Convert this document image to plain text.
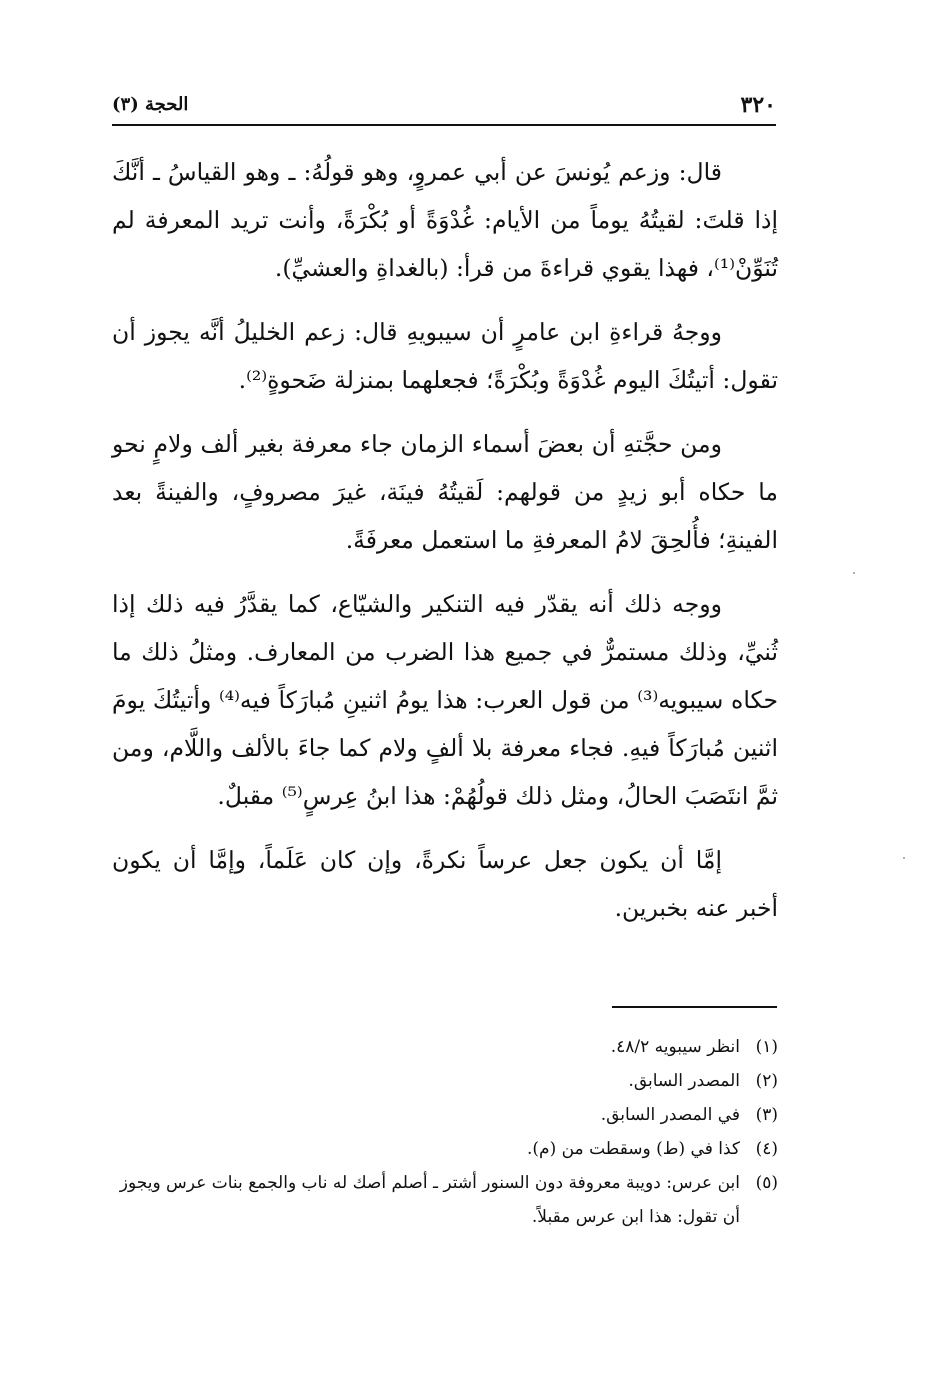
٣٢٠
الحجة (٣)

قال: وزعم يُونسَ عن أبي عمروٍ، وهو قولُهُ: ـ وهو القياسُ ـ أنَّكَ إذا قلتَ: لقيتُهُ يوماً من الأيام: غُدْوَةً أو بُكْرَةً، وأنت تريد المعرفة لم تُنَوِّنْ⁽¹⁾، فهذا يقوي قراءةَ من قرأ: (بالغداةِ والعشيِّ).

ووجهُ قراءةِ ابن عامرٍ أن سيبويهِ قال: زعم الخليلُ أنَّه يجوز أن تقول: أتيتُكَ اليوم غُدْوَةً وبُكْرَةً؛ فجعلهما بمنزلة ضَحوةٍ⁽²⁾.

ومن حجَّتهِ أن بعضَ أسماء الزمان جاء معرفة بغير ألف ولامٍ نحو ما حكاه أبو زيدٍ من قولهم: لَقيتُهُ فينَة، غيرَ مصروفٍ، والفينةً بعد الفينةِ؛ فأُلحِقَ لامُ المعرفةِ ما استعمل معرفَةً.

ووجه ذلك أنه يقدّر فيه التنكير والشيّاع، كما يقدَّرُ فيه ذلك إذا ثُنيِّ، وذلك مستمرٌّ في جميع هذا الضرب من المعارف. ومثلُ ذلك ما حكاه سيبويه⁽³⁾ من قول العرب: هذا يومُ اثنينِ مُبارَكاً فيه⁽⁴⁾ وأتيتُكَ يومَ اثنين مُبارَكاً فيهِ. فجاء معرفة بلا ألفٍ ولام كما جاءَ بالألف واللَّام، ومن ثمَّ انتَصَبَ الحالُ، ومثل ذلك قولُهُمْ: هذا ابنُ عِرسٍ⁽⁵⁾ مقبلٌ.

إمَّا أن يكون جعل عرساً نكرةً، وإن كان عَلَماً، وإمَّا أن يكون أخبر عنه بخبرين.

(١)
انظر سيبويه ٤٨/٢.

(٢)
المصدر السابق.

(٣)
في المصدر السابق.

(٤)
كذا في (ط) وسقطت من (م).

(٥)
ابن عرس: دويبة معروفة دون السنور أشتر ـ أصلم أصك له ناب والجمع بنات عرس ويجوز أن تقول: هذا ابن عرس مقبلاً.
